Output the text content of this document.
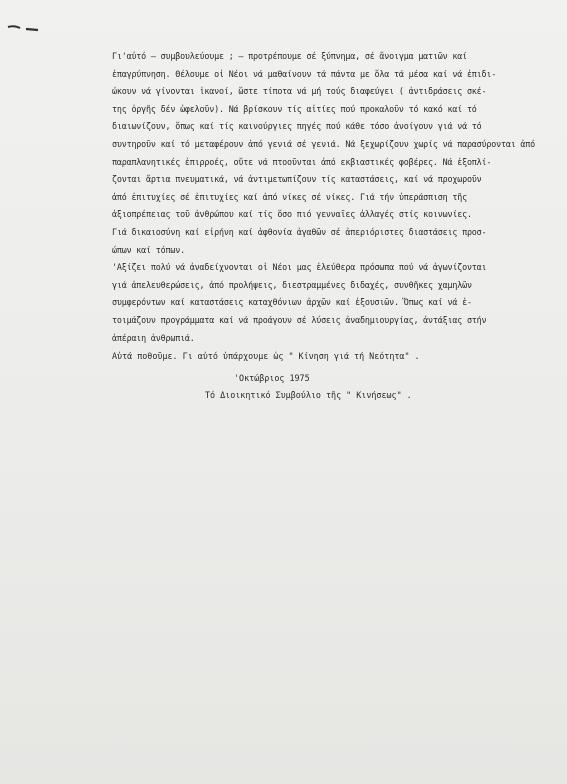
Γι'αὐτό – συμβουλεύουμε ; – προτρέπουμε σέ ξύπνημα, σέ ἄνοιγμα ματιῶν καί
ἐπαγρύπνηση. Θέλουμε οἱ Νέοι νά μαθαίνουν τά πάντα με ὅλα τά μέσα καί νά ἐπιδι-
ώκουν νά γίνονται ἱκανοί, ὥστε τίποτα νά μή τούς διαφεύγει ( ἀντιδράσεις σκέ-
της ὀργῆς δέν ὠφελοῦν). Νά βρίσκουν τίς αἰτίες πού προκαλοῦν τό κακό καί τό
διαιωνίζουν, ὅπως καί τίς καινούργιες πηγές πού κάθε τόσο ἀνοίγουν γιά νά τό
συντηροῦν καί τό μεταφέρουν ἀπό γενιά σέ γενιά. Νά ξεχωρίζουν χωρίς νά παρασύρονται ἀπό
παραπλανητικές ἐπιρροές, οὔτε νά πτοοῦνται ἀπό εκβιαστικές φοβέρες. Νά ἐξοπλί-
ζονται ἄρτια πνευματικά, νά ἀντιμετωπίζουν τίς καταστάσεις, καί νά προχωροῦν
ἀπό ἐπιτυχίες σέ ἐπιτυχίες καί ἀπό νίκες σέ νίκες. Γιά τήν ὑπεράσπιση τῆς
ἀξιοπρέπειας τοῦ ἀνθρώπου καί τίς ὅσο πιό γενναῖες ἀλλαγές στίς κοινωνίες.
Γιά δικαιοσύνη καί εἰρήνη καί ἀφθονία ἀγαθῶν σέ ἀπεριόριστες διαστάσεις προσ-
ώπων καί τόπων.
'Αξίζει πολύ νά ἀναδείχνονται οἱ Νέοι μας ἐλεύθερα πρόσωπα πού νά ἀγωνίζονται
γιά ἀπελευθερώσεις, ἀπό προλήψεις, διεστραμμένες διδαχές, συνθῆκες χαμηλῶν
συμφερόντων καί καταστάσεις καταχθόνιων ἀρχῶν καί ἐξουσιῶν. Ὅπως καί νά ἑ-
τοιμάζουν προγράμματα καί νά προάγουν σέ λύσεις ἀναδημιουργίας, ἀντάξιας στήν
ἀπέραιη ἀνθρωπιά.
Αὐτά ποθοῦμε. Γι αὐτό ὑπάρχουμε ὡς " Κίνηση γιά τή Νεότητα" .
'Οκτώβριος 1975
Τό Διοικητικό Συμβούλιο τῆς " Κινήσεως" .
